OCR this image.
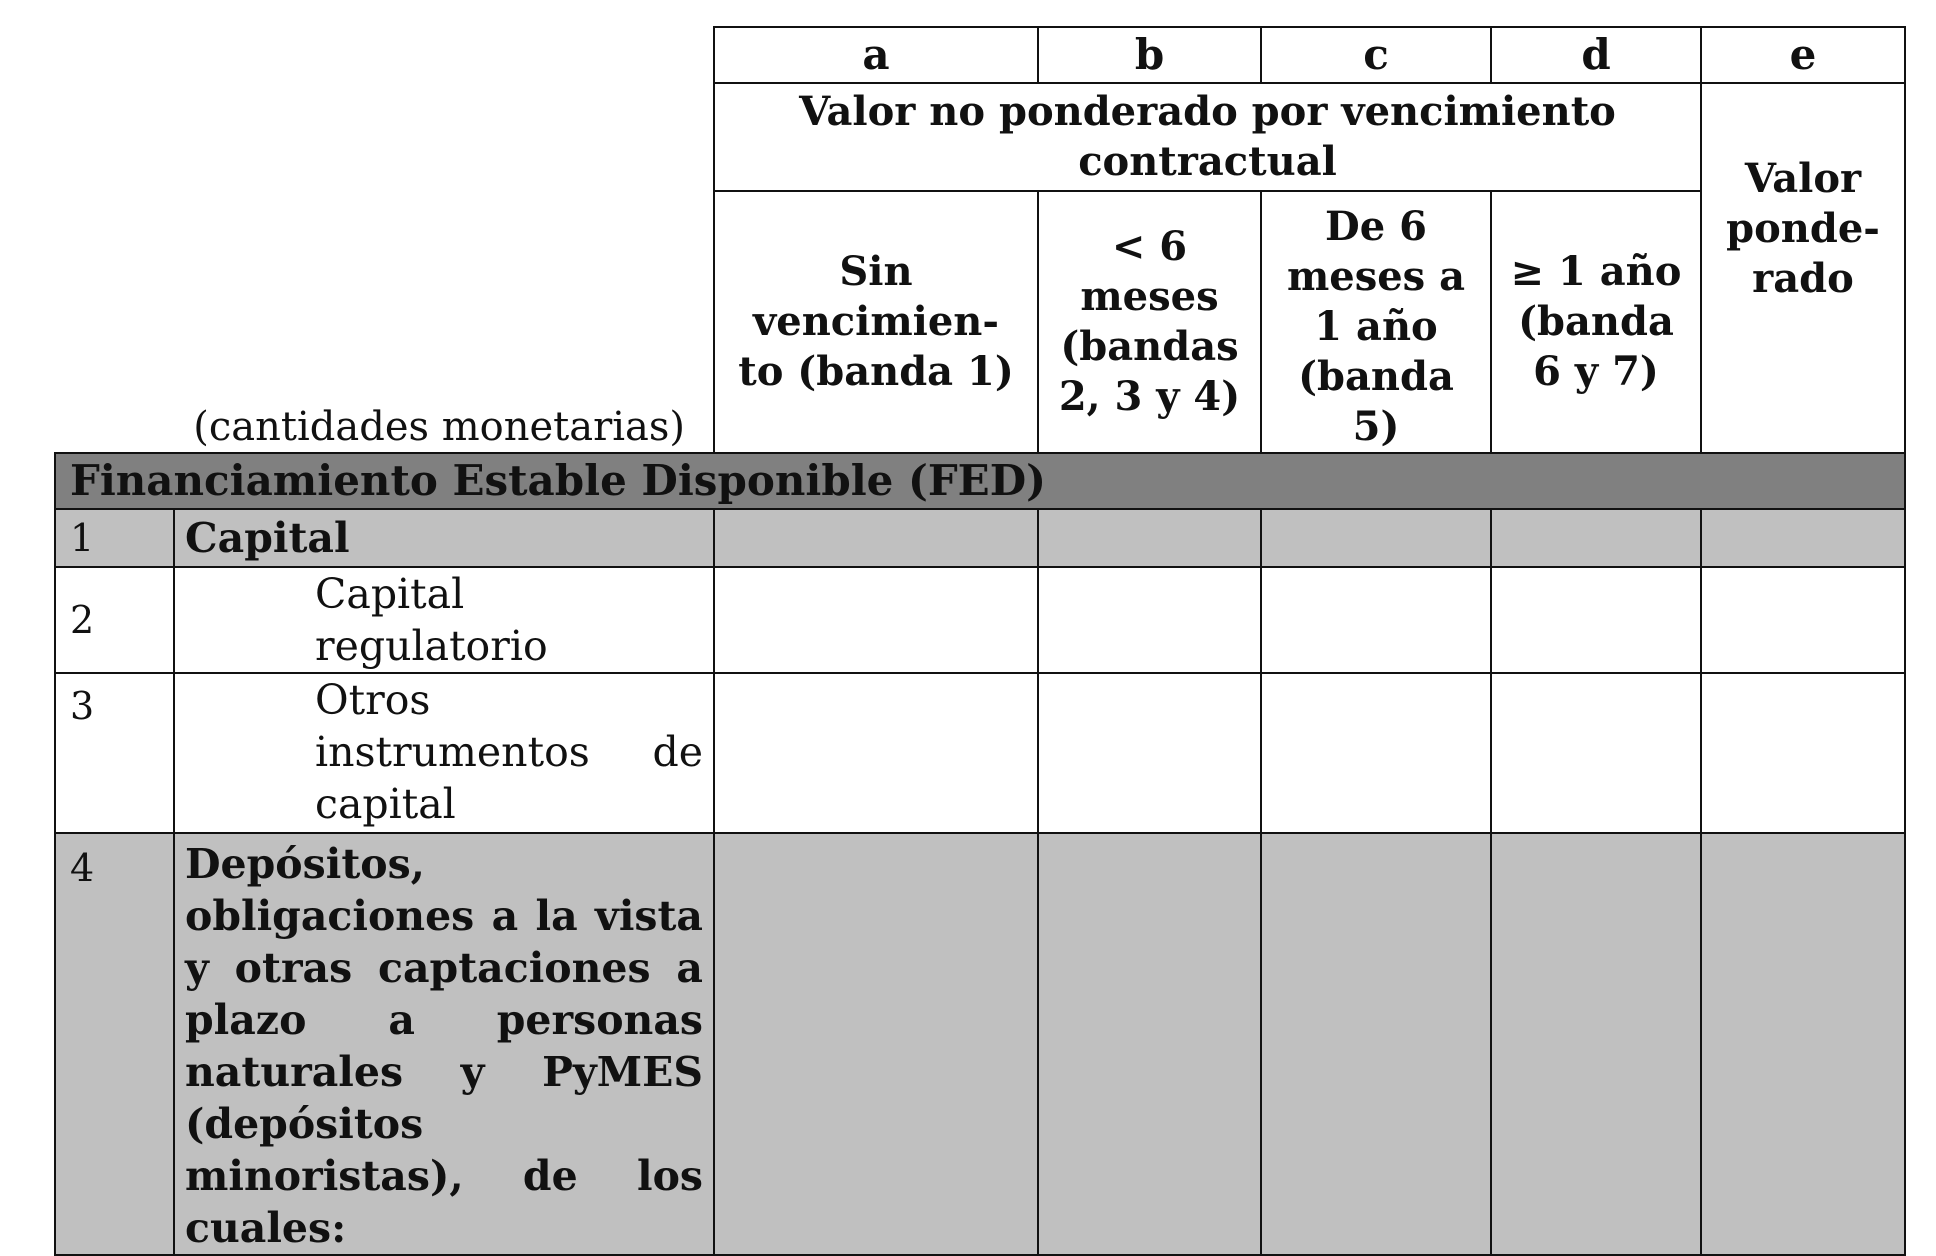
(cantidades monetarias)		a	b	c	d	e
		Valor no ponderado por vencimiento contractual				Valor ponde- rado
		Sin vencimien- to (banda 1)	< 6 meses (bandas 2, 3 y 4)	De 6 meses a 1 año (banda 5)	≥ 1 año (banda 6 y 7)	
Financiamiento Estable Disponible (FED)						
1	Capital					
2	Capital regulatorio					
3	Otros instrumentos de capital					
4	Depósitos, obligaciones a la vista y otras captaciones a plazo a personas naturales y PyMES (depósitos minoristas), de los cuales:					
